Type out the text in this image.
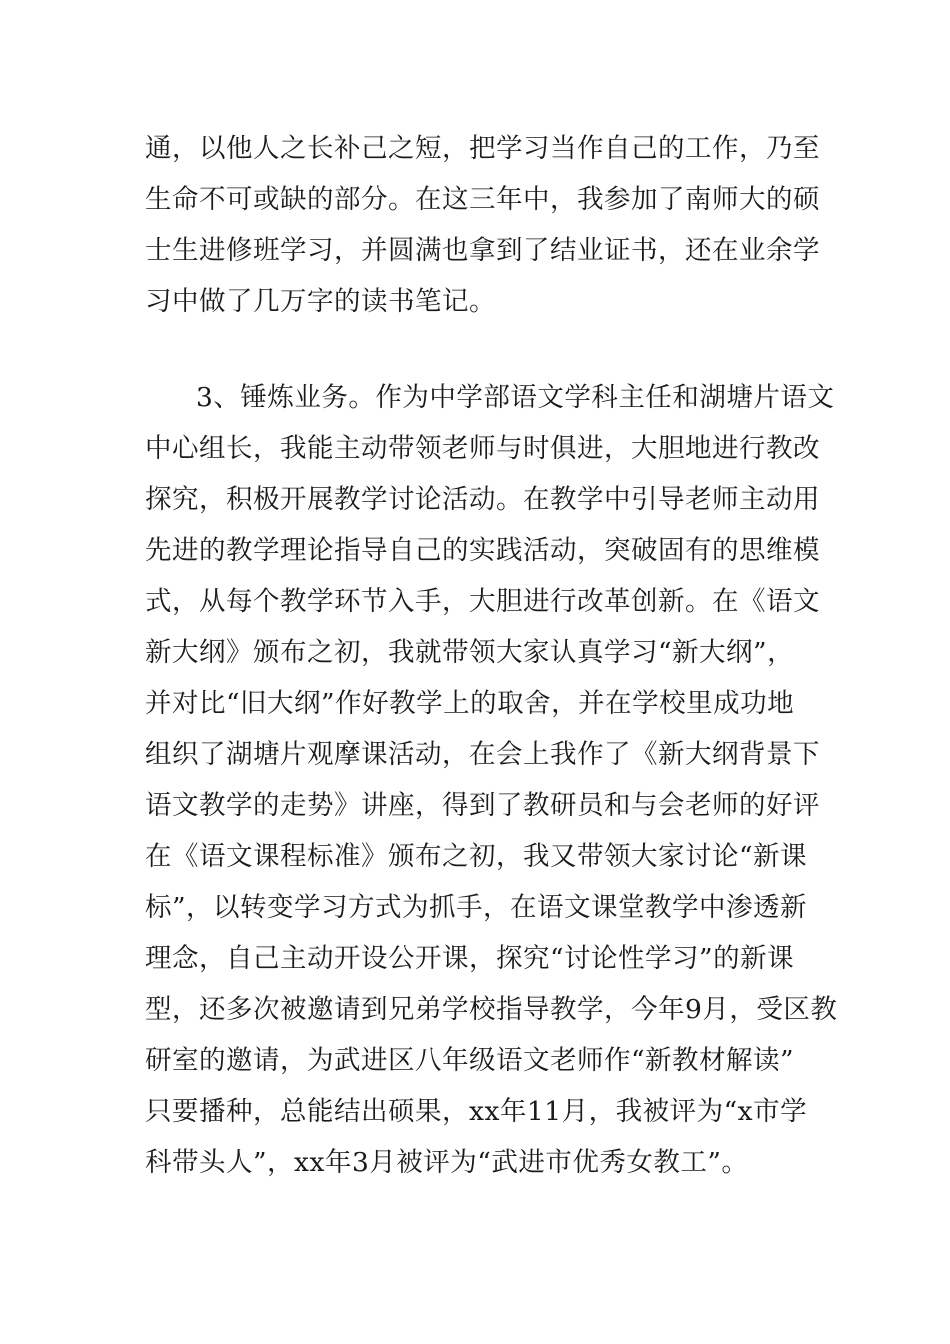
通，以他人之长补己之短，把学习当作自己的工作，乃至
生命不可或缺的部分。在这三年中，我参加了南师大的硕
士生进修班学习，并圆满也拿到了结业证书，还在业余学
习中做了几万字的读书笔记。
3、锤炼业务。作为中学部语文学科主任和湖塘片语文
中心组长，我能主动带领老师与时俱进，大胆地进行教改
探究，积极开展教学讨论活动。在教学中引导老师主动用
先进的教学理论指导自己的实践活动，突破固有的思维模
式，从每个教学环节入手，大胆进行改革创新。在《语文
新大纲》颁布之初，我就带领大家认真学习“新大纲”，
并对比“旧大纲”作好教学上的取舍，并在学校里成功地
组织了湖塘片观摩课活动，在会上我作了《新大纲背景下
语文教学的走势》讲座，得到了教研员和与会老师的好评
在《语文课程标准》颁布之初，我又带领大家讨论“新课
标”，以转变学习方式为抓手，在语文课堂教学中渗透新
理念，自己主动开设公开课，探究“讨论性学习”的新课
型，还多次被邀请到兄弟学校指导教学，今年9月，受区教
研室的邀请，为武进区八年级语文老师作“新教材解读”
只要播种，总能结出硕果，xx年11月，我被评为“x市学
科带头人”，xx年3月被评为“武进市优秀女教工”。
